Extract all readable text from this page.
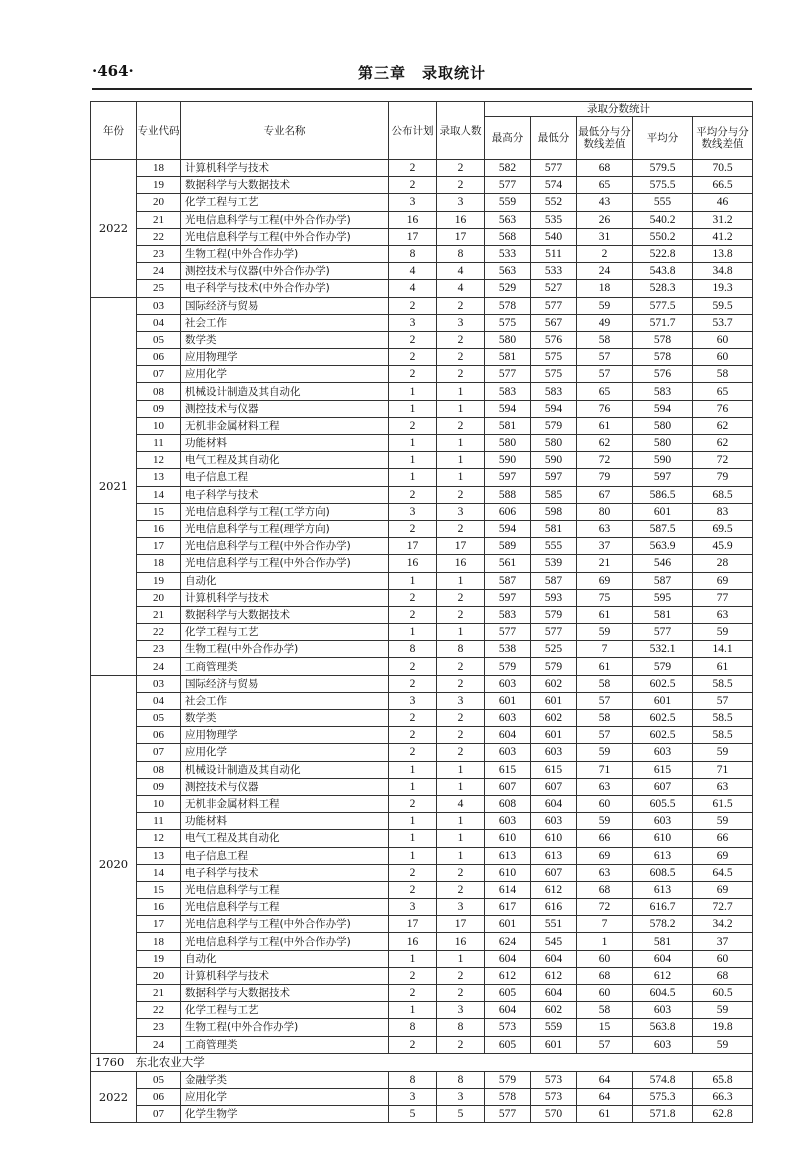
·464·	第三章　录取统计
年份	专业代码	专业名称	公布计划	录取人数	录取分数统计				
					最高分	最低分	最低分与分数线差值	平均分	平均分与分数线差值
2022	18	计算机科学与技术	2	2	582	577	68	579.5	70.5
	19	数据科学与大数据技术	2	2	577	574	65	575.5	66.5
	20	化学工程与工艺	3	3	559	552	43	555	46
	21	光电信息科学与工程(中外合作办学)	16	16	563	535	26	540.2	31.2
	22	光电信息科学与工程(中外合作办学)	17	17	568	540	31	550.2	41.2
	23	生物工程(中外合作办学)	8	8	533	511	2	522.8	13.8
	24	测控技术与仪器(中外合作办学)	4	4	563	533	24	543.8	34.8
	25	电子科学与技术(中外合作办学)	4	4	529	527	18	528.3	19.3
2021	03	国际经济与贸易	2	2	578	577	59	577.5	59.5
	04	社会工作	3	3	575	567	49	571.7	53.7
	05	数学类	2	2	580	576	58	578	60
	06	应用物理学	2	2	581	575	57	578	60
	07	应用化学	2	2	577	575	57	576	58
	08	机械设计制造及其自动化	1	1	583	583	65	583	65
	09	测控技术与仪器	1	1	594	594	76	594	76
	10	无机非金属材料工程	2	2	581	579	61	580	62
	11	功能材料	1	1	580	580	62	580	62
	12	电气工程及其自动化	1	1	590	590	72	590	72
	13	电子信息工程	1	1	597	597	79	597	79
	14	电子科学与技术	2	2	588	585	67	586.5	68.5
	15	光电信息科学与工程(工学方向)	3	3	606	598	80	601	83
	16	光电信息科学与工程(理学方向)	2	2	594	581	63	587.5	69.5
	17	光电信息科学与工程(中外合作办学)	17	17	589	555	37	563.9	45.9
	18	光电信息科学与工程(中外合作办学)	16	16	561	539	21	546	28
	19	自动化	1	1	587	587	69	587	69
	20	计算机科学与技术	2	2	597	593	75	595	77
	21	数据科学与大数据技术	2	2	583	579	61	581	63
	22	化学工程与工艺	1	1	577	577	59	577	59
	23	生物工程(中外合作办学)	8	8	538	525	7	532.1	14.1
	24	工商管理类	2	2	579	579	61	579	61
2020	03	国际经济与贸易	2	2	603	602	58	602.5	58.5
	04	社会工作	3	3	601	601	57	601	57
	05	数学类	2	2	603	602	58	602.5	58.5
	06	应用物理学	2	2	604	601	57	602.5	58.5
	07	应用化学	2	2	603	603	59	603	59
	08	机械设计制造及其自动化	1	1	615	615	71	615	71
	09	测控技术与仪器	1	1	607	607	63	607	63
	10	无机非金属材料工程	2	4	608	604	60	605.5	61.5
	11	功能材料	1	1	603	603	59	603	59
	12	电气工程及其自动化	1	1	610	610	66	610	66
	13	电子信息工程	1	1	613	613	69	613	69
	14	电子科学与技术	2	2	610	607	63	608.5	64.5
	15	光电信息科学与工程	2	2	614	612	68	613	69
	16	光电信息科学与工程	3	3	617	616	72	616.7	72.7
	17	光电信息科学与工程(中外合作办学)	17	17	601	551	7	578.2	34.2
	18	光电信息科学与工程(中外合作办学)	16	16	624	545	1	581	37
	19	自动化	1	1	604	604	60	604	60
	20	计算机科学与技术	2	2	612	612	68	612	68
	21	数据科学与大数据技术	2	2	605	604	60	604.5	60.5
	22	化学工程与工艺	1	3	604	602	58	603	59
	23	生物工程(中外合作办学)	8	8	573	559	15	563.8	19.8
	24	工商管理类	2	2	605	601	57	603	59
1760　东北农业大学									
2022	05	金融学类	8	8	579	573	64	574.8	65.8
	06	应用化学	3	3	578	573	64	575.3	66.3
	07	化学生物学	5	5	577	570	61	571.8	62.8
